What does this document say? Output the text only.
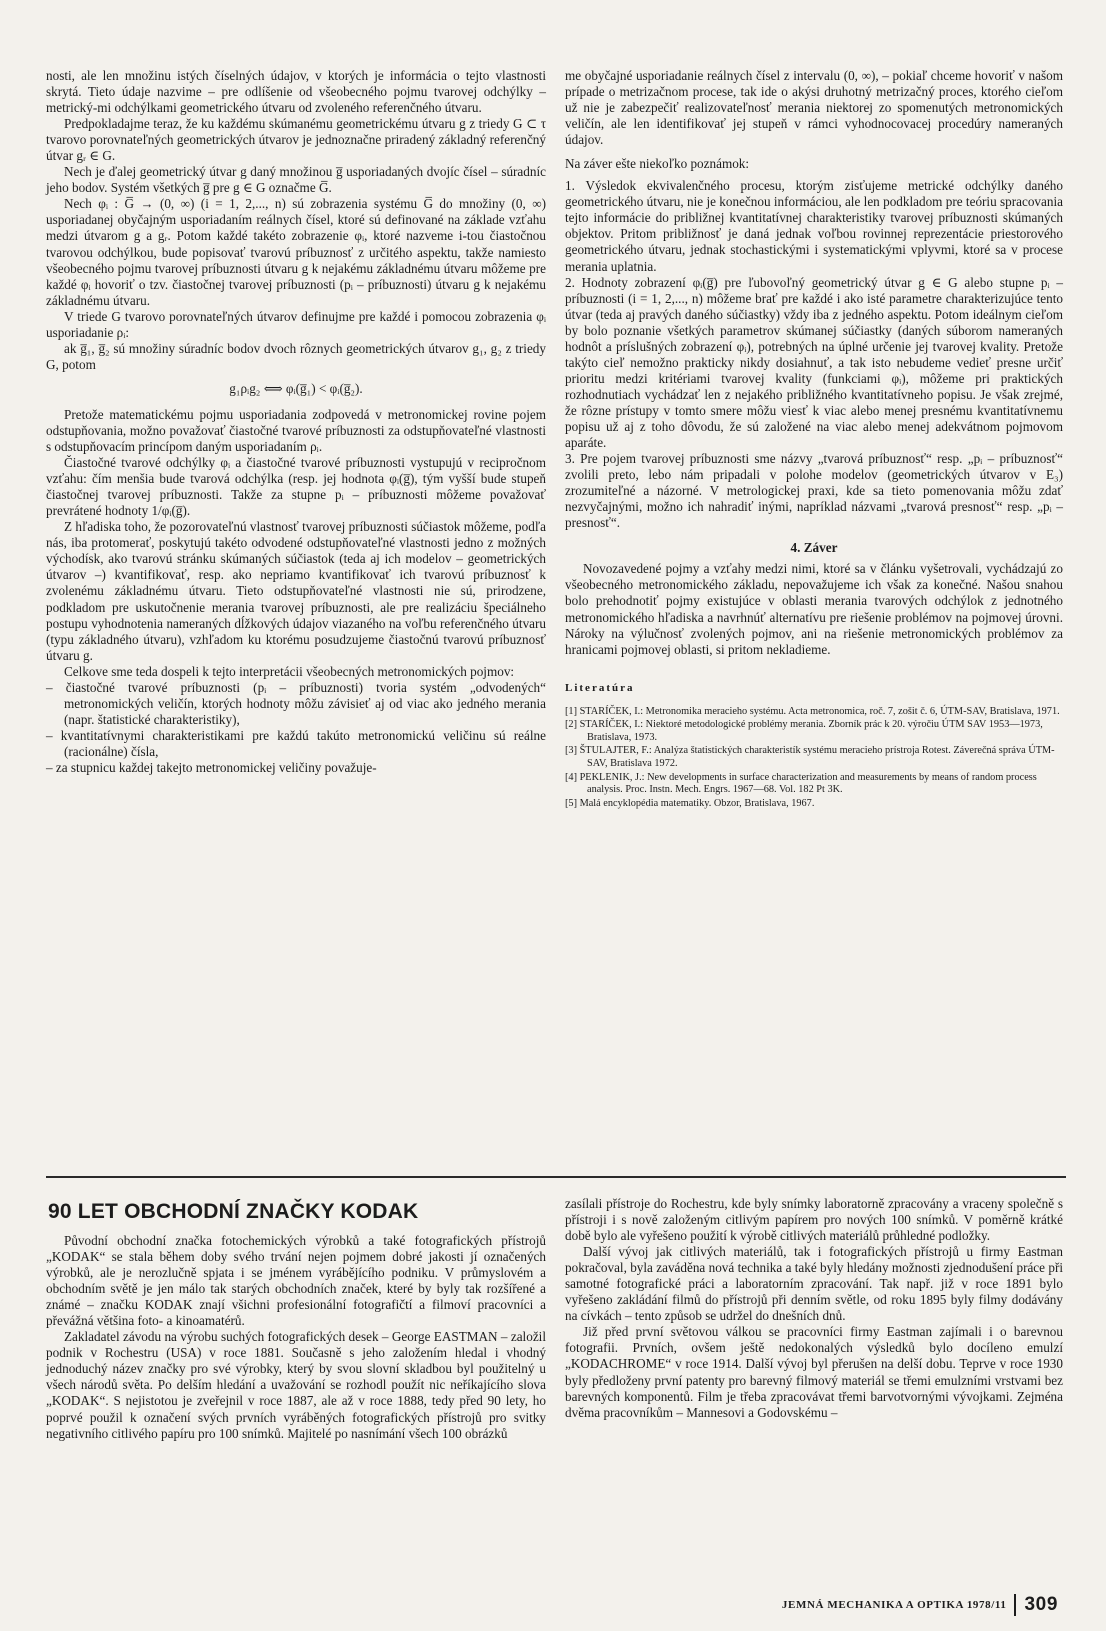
nosti, ale len množinu istých číselných údajov, v ktorých je informácia o tejto vlastnosti skrytá. Tieto údaje nazvime – pre odlíšenie od všeobecného pojmu tvarovej odchýlky – metrický-mi odchýlkami geometrického útvaru od zvoleného referenčného útvaru.

Predpokladajme teraz, že ku každému skúmanému geometrickému útvaru g z triedy G ⊂ τ tvarovo porovnateľných geometrických útvarov je jednoznačne priradený základný referenčný útvar gᵣ ∈ G.

Nech je ďalej geometrický útvar g daný množinou g̅ usporiadaných dvojíc čísel – súradníc jeho bodov. Systém všetkých g̅ pre g ∈ G označme G̅.

Nech φᵢ : G̅ → (0, ∞) (i = 1, 2,..., n) sú zobrazenia systému G̅ do množiny (0, ∞) usporiadanej obyčajným usporiadaním reálnych čísel, ktoré sú definované na základe vzťahu medzi útvarom g a gᵣ. Potom každé takéto zobrazenie φᵢ, ktoré nazveme i-tou čiastočnou tvarovou odchýlkou, bude popisovať tvarovú príbuznosť z určitého aspektu, takže namiesto všeobecného pojmu tvarovej príbuznosti útvaru g k nejakému základnému útvaru môžeme pre každé φᵢ hovoriť o tzv. čiastočnej tvarovej príbuznosti (pᵢ – príbuznosti) útvaru g k nejakému základnému útvaru.

V triede G tvarovo porovnateľných útvarov definujme pre každé i pomocou zobrazenia φᵢ usporiadanie ρᵢ:

ak g̅₁, g̅₂ sú množiny súradníc bodov dvoch rôznych geometrických útvarov g₁, g₂ z triedy G, potom

g₁ρᵢg₂ ⟺ φᵢ(g̅₁) < φᵢ(g̅₂).

Pretože matematickému pojmu usporiadania zodpovedá v metronomickej rovine pojem odstupňovania, možno považovať čiastočné tvarové príbuznosti za odstupňovateľné vlastnosti s odstupňovacím princípom daným usporiadaním ρᵢ.

Čiastočné tvarové odchýlky φᵢ a čiastočné tvarové príbuznosti vystupujú v recipročnom vzťahu: čím menšia bude tvarová odchýlka (resp. jej hodnota φᵢ(g̅), tým vyšší bude stupeň čiastočnej tvarovej príbuznosti. Takže za stupne pᵢ – príbuznosti môžeme považovať prevrátené hodnoty 1/φᵢ(g̅).

Z hľadiska toho, že pozorovateľnú vlastnosť tvarovej príbuznosti súčiastok môžeme, podľa nás, iba protomerať, poskytujú takéto odvodené odstupňovateľné vlastnosti jedno z možných východísk, ako tvarovú stránku skúmaných súčiastok (teda aj ich modelov – geometrických útvarov –) kvantifikovať, resp. ako nepriamo kvantifikovať ich tvarovú príbuznosť k zvolenému základnému útvaru. Tieto odstupňovateľné vlastnosti nie sú, prirodzene, podkladom pre uskutočnenie merania tvarovej príbuznosti, ale pre realizáciu špeciálneho postupu vyhodnotenia nameraných dĺžkových údajov viazaného na voľbu referenčného útvaru (typu základného útvaru), vzhľadom ku ktorému posudzujeme čiastočnú tvarovú príbuznosť útvaru g.

Celkove sme teda dospeli k tejto interpretácii všeobecných metronomických pojmov:

– čiastočné tvarové príbuznosti (pᵢ – príbuznosti) tvoria systém „odvodených“ metronomických veličín, ktorých hodnoty môžu závisieť aj od viac ako jedného merania (napr. štatistické charakteristiky),
– kvantitatívnymi charakteristikami pre každú takúto metronomickú veličinu sú reálne (racionálne) čísla,
– za stupnicu každej takejto metronomickej veličiny považuje-

me obyčajné usporiadanie reálnych čísel z intervalu (0, ∞), – pokiaľ chceme hovoriť v našom prípade o metrizačnom procese, tak ide o akýsi druhotný metrizačný proces, ktorého cieľom už nie je zabezpečiť realizovateľnosť merania niektorej zo spomenutých metronomických veličín, ale len identifikovať jej stupeň v rámci vyhodnocovacej procedúry nameraných údajov.

Na záver ešte niekoľko poznámok:

1. Výsledok ekvivalenčného procesu, ktorým zisťujeme metrické odchýlky daného geometrického útvaru, nie je konečnou informáciou, ale len podkladom pre teóriu spracovania tejto informácie do približnej kvantitatívnej charakteristiky tvarovej príbuznosti skúmaných objektov. Pritom približnosť je daná jednak voľbou rovinnej reprezentácie priestorového geometrického útvaru, jednak stochastickými i systematickými vplyvmi, ktoré sa v procese merania uplatnia.

2. Hodnoty zobrazení φᵢ(g̅) pre ľubovoľný geometrický útvar g ∈ G alebo stupne pᵢ – príbuznosti (i = 1, 2,..., n) môžeme brať pre každé i ako isté parametre charakterizujúce tento útvar (teda aj pravých daného súčiastky) vždy iba z jedného aspektu. Potom ideálnym cieľom by bolo poznanie všetkých parametrov skúmanej súčiastky (daných súborom nameraných hodnôt a príslušných zobrazení φᵢ), potrebných na úplné určenie jej tvarovej kvality. Pretože takýto cieľ nemožno prakticky nikdy dosiahnuť, a tak isto nebudeme vedieť presne určiť prioritu medzi kritériami tvarovej kvality (funkciami φᵢ), môžeme pri praktických rozhodnutiach vychádzať len z nejakého približného kvantitatívneho popisu. Je však zrejmé, že rôzne prístupy v tomto smere môžu viesť k viac alebo menej presnému kvantitatívnemu popisu už aj z toho dôvodu, že sú založené na viac alebo menej adekvátnom pojmovom aparáte.

3. Pre pojem tvarovej príbuznosti sme názvy „tvarová príbuznosť“ resp. „pᵢ – príbuznosť“ zvolili preto, lebo nám pripadali v polohe modelov (geometrických útvarov v E₃) zrozumiteľné a názorné. V metrologickej praxi, kde sa tieto pomenovania môžu zdať nezvyčajnými, možno ich nahradiť inými, napríklad názvami „tvarová presnosť“ resp. „pᵢ – presnosť“.

4. Záver

Novozavedené pojmy a vzťahy medzi nimi, ktoré sa v článku vyšetrovali, vychádzajú zo všeobecného metronomického základu, nepovažujeme ich však za konečné. Našou snahou bolo prehodnotiť pojmy existujúce v oblasti merania tvarových odchýlok z jednotného metronomického hľadiska a navrhnúť alternatívu pre riešenie problémov na pojmovej úrovni. Nároky na výlučnosť zvolených pojmov, ani na riešenie metronomických problémov za hranicami pojmovej oblasti, si pritom nekladieme.

Literatúra

[1] STARÍČEK, I.: Metronomika meracieho systému. Acta metronomica, roč. 7, zošit č. 6, ÚTM-SAV, Bratislava, 1971.

[2] STARÍČEK, I.: Niektoré metodologické problémy merania. Zborník prác k 20. výročiu ÚTM SAV 1953—1973, Bratislava, 1973.

[3] ŠTULAJTER, F.: Analýza štatistických charakteristík systému meracieho prístroja Rotest. Záverečná správa ÚTM-SAV, Bratislava 1972.

[4] PEKLENIK, J.: New developments in surface characterization and measurements by means of random process analysis. Proc. Instn. Mech. Engrs. 1967—68. Vol. 182 Pt 3K.

[5] Malá encyklopédia matematiky. Obzor, Bratislava, 1967.

90 LET OBCHODNÍ ZNAČKY KODAK

Původní obchodní značka fotochemických výrobků a také fotografických přístrojů „KODAK“ se stala během doby svého trvání nejen pojmem dobré jakosti jí označených výrobků, ale je nerozlučně spjata i se jménem vyrábějícího podniku. V průmyslovém a obchodním světě je jen málo tak starých obchodních značek, které by byly tak rozšířené a známé – značku KODAK znají všichni profesionální fotografičtí a filmoví pracovníci a převážná většina foto- a kinoamatérů.

Zakladatel závodu na výrobu suchých fotografických desek – George EASTMAN – založil podnik v Rochestru (USA) v roce 1881. Současně s jeho založením hledal i vhodný jednoduchý název značky pro své výrobky, který by svou slovní skladbou byl použitelný u všech národů světa. Po delším hledání a uvažování se rozhodl použít nic neříkajícího slova „KODAK“. S nejistotou je zveřejnil v roce 1887, ale až v roce 1888, tedy před 90 lety, ho poprvé použil k označení svých prvních vyráběných fotografických přístrojů pro svitky negativního citlivého papíru pro 100 snímků. Majitelé po nasnímání všech 100 obrázků

zasílali přístroje do Rochestru, kde byly snímky laboratorně zpracovány a vraceny společně s přístroji i s nově založeným citlivým papírem pro nových 100 snímků. V poměrně krátké době bylo ale vyřešeno použití k výrobě citlivých materiálů průhledné podložky.

Další vývoj jak citlivých materiálů, tak i fotografických přístrojů u firmy Eastman pokračoval, byla zaváděna nová technika a také byly hledány možnosti zjednodušení práce při samotné fotografické práci a laboratorním zpracování. Tak např. již v roce 1891 bylo vyřešeno zakládání filmů do přístrojů při denním světle, od roku 1895 byly filmy dodávány na cívkách – tento způsob se udržel do dnešních dnů.

Již před první světovou válkou se pracovníci firmy Eastman zajímali i o barevnou fotografii. Prvních, ovšem ještě nedokonalých výsledků bylo docíleno emulzí „KODACHROME“ v roce 1914. Další vývoj byl přerušen na delší dobu. Teprve v roce 1930 byly předloženy první patenty pro barevný filmový materiál se třemi emulzními vrstvami bez barevných komponentů. Film je třeba zpracovávat třemi barvotvornými vývojkami. Zejména dvěma pracovníkům – Mannesovi a Godovskému –

JEMNÁ MECHANIKA A OPTIKA 1978/11 309
